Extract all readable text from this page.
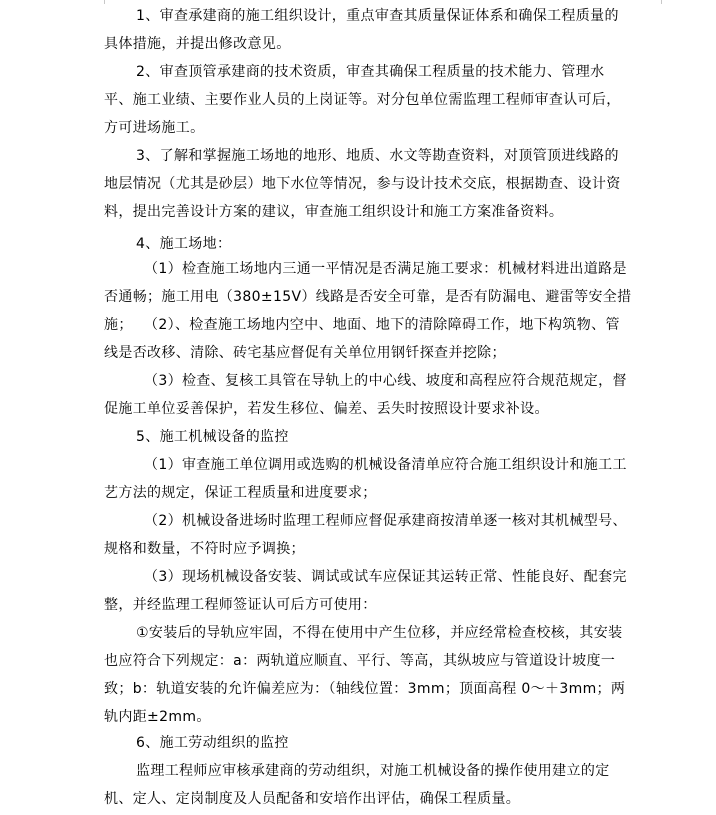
1、审查承建商的施工组织设计，重点审查其质量保证体系和确保工程质量的具体措施，并提出修改意见。

2、审查顶管承建商的技术资质，审查其确保工程质量的技术能力、管理水平、施工业绩、主要作业人员的上岗证等。对分包单位需监理工程师审查认可后，方可进场施工。

3、了解和掌握施工场地的地形、地质、水文等勘查资料，对顶管顶进线路的地层情况（尤其是砂层）地下水位等情况，参与设计技术交底，根据勘查、设计资料，提出完善设计方案的建议，审查施工组织设计和施工方案准备资料。

4、施工场地：

（1）检查施工场地内三通一平情况是否满足施工要求：机械材料进出道路是否通畅；施工用电（380±15V）线路是否安全可靠，是否有防漏电、避雷等安全措施； （2）、检查施工场地内空中、地面、地下的清除障碍工作，地下构筑物、管线是否改移、清除、砖宅基应督促有关单位用钢钎探查并挖除；

（3）检查、复核工具管在导轨上的中心线、坡度和高程应符合规范规定，督促施工单位妥善保护，若发生移位、偏差、丢失时按照设计要求补设。

5、施工机械设备的监控

（1）审查施工单位调用或选购的机械设备清单应符合施工组织设计和施工工艺方法的规定，保证工程质量和进度要求；

（2）机械设备进场时监理工程师应督促承建商按清单逐一核对其机械型号、规格和数量，不符时应予调换；

（3）现场机械设备安装、调试或试车应保证其运转正常、性能良好、配套完整，并经监理工程师签证认可后方可使用：

①安装后的导轨应牢固，不得在使用中产生位移，并应经常检查校核，其安装也应符合下列规定：a：两轨道应顺直、平行、等高，其纵坡应与管道设计坡度一致；b：轨道安装的允许偏差应为：（轴线位置：3mm；顶面高程 0～＋3mm；两轨内距±2mm。

6、施工劳动组织的监控

监理工程师应审核承建商的劳动组织，对施工机械设备的操作使用建立的定机、定人、定岗制度及人员配备和安培作出评估，确保工程质量。
